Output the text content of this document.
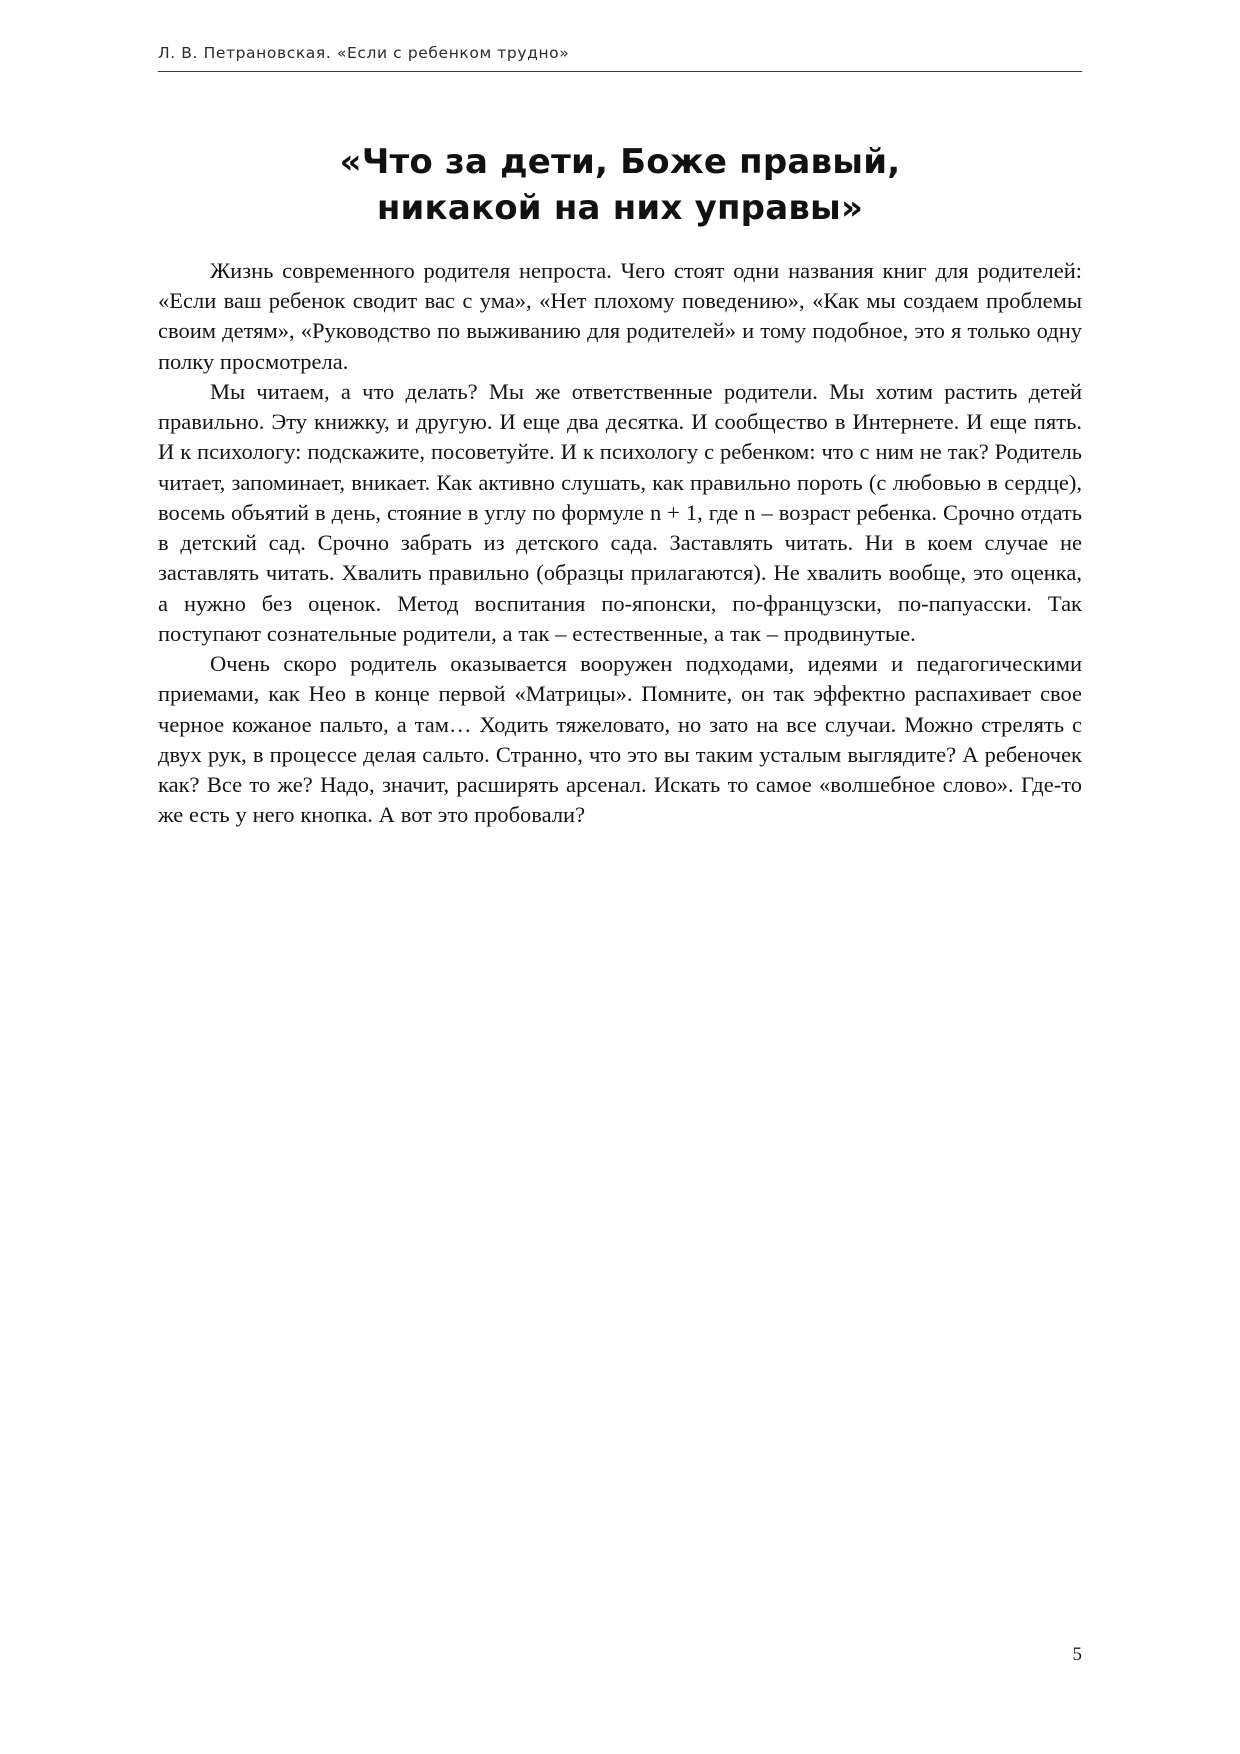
Л. В. Петрановская. «Если с ребенком трудно»
«Что за дети, Боже правый,
никакой на них управы»

Жизнь современного родителя непроста. Чего стоят одни названия книг для родителей: «Если ваш ребенок сводит вас с ума», «Нет плохому поведению», «Как мы создаем проблемы своим детям», «Руководство по выживанию для родителей» и тому подобное, это я только одну полку просмотрела.

Мы читаем, а что делать? Мы же ответственные родители. Мы хотим растить детей правильно. Эту книжку, и другую. И еще два десятка. И сообщество в Интернете. И еще пять. И к психологу: подскажите, посоветуйте. И к психологу с ребенком: что с ним не так? Родитель читает, запоминает, вникает. Как активно слушать, как правильно пороть (с любовью в сердце), восемь объятий в день, стояние в углу по формуле n + 1, где n – возраст ребенка. Срочно отдать в детский сад. Срочно забрать из детского сада. Заставлять читать. Ни в коем случае не заставлять читать. Хвалить правильно (образцы прилагаются). Не хвалить вообще, это оценка, а нужно без оценок. Метод воспитания по-японски, по-французски, по-папуасски. Так поступают сознательные родители, а так – естественные, а так – продвинутые.

Очень скоро родитель оказывается вооружен подходами, идеями и педагогическими приемами, как Нео в конце первой «Матрицы». Помните, он так эффектно распахивает свое черное кожаное пальто, а там… Ходить тяжеловато, но зато на все случаи. Можно стрелять с двух рук, в процессе делая сальто. Странно, что это вы таким усталым выглядите? А ребеночек как? Все то же? Надо, значит, расширять арсенал. Искать то самое «волшебное слово». Где-то же есть у него кнопка. А вот это пробовали?

5
